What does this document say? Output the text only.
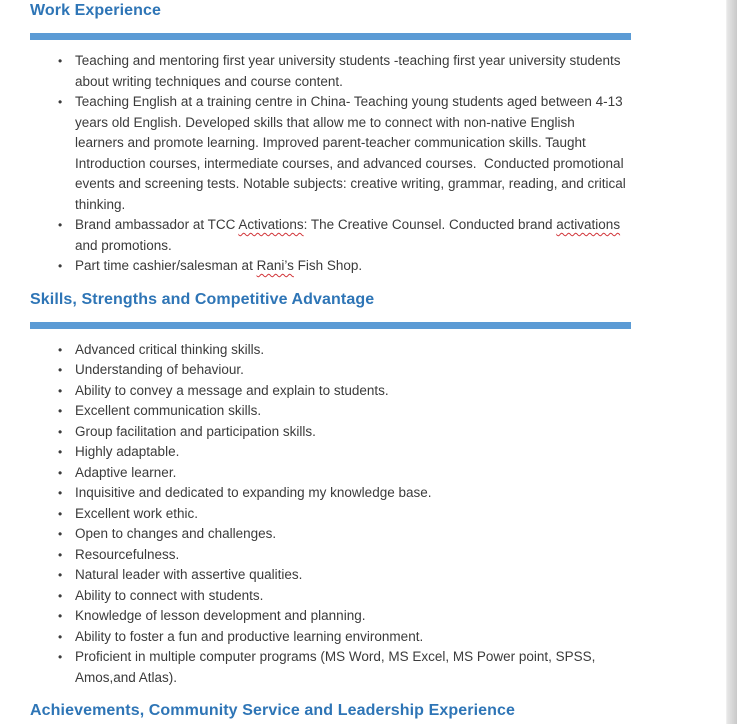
Work Experience
• Teaching and mentoring first year university students -teaching first year university students about writing techniques and course content.
• Teaching English at a training centre in China- Teaching young students aged between 4-13 years old English. Developed skills that allow me to connect with non-native English learners and promote learning. Improved parent-teacher communication skills. Taught Introduction courses, intermediate courses, and advanced courses.  Conducted promotional events and screening tests. Notable subjects: creative writing, grammar, reading, and critical thinking.
• Brand ambassador at TCC Activations: The Creative Counsel. Conducted brand activations and promotions.
• Part time cashier/salesman at Rani’s Fish Shop.
Skills, Strengths and Competitive Advantage
• Advanced critical thinking skills.
• Understanding of behaviour.
• Ability to convey a message and explain to students.
• Excellent communication skills.
• Group facilitation and participation skills.
• Highly adaptable.
• Adaptive learner.
• Inquisitive and dedicated to expanding my knowledge base.
• Excellent work ethic.
• Open to changes and challenges.
• Resourcefulness.
• Natural leader with assertive qualities.
• Ability to connect with students.
• Knowledge of lesson development and planning.
• Ability to foster a fun and productive learning environment.
• Proficient in multiple computer programs (MS Word, MS Excel, MS Power point, SPSS, Amos,and Atlas).
Achievements, Community Service and Leadership Experience
